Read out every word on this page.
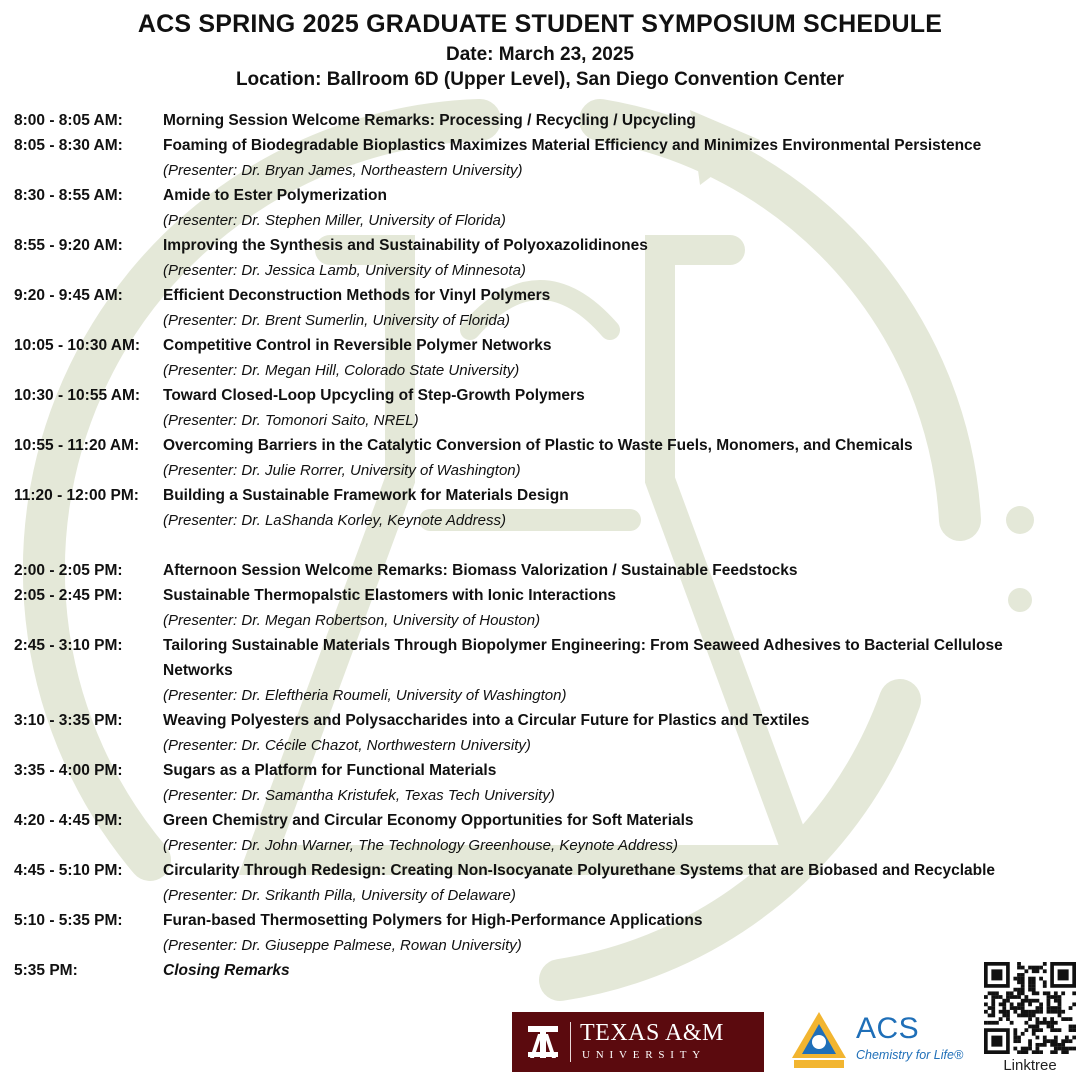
ACS SPRING 2025 GRADUATE STUDENT SYMPOSIUM SCHEDULE
Date: March 23, 2025
Location: Ballroom 6D (Upper Level), San Diego Convention Center
8:00 - 8:05 AM:	Morning Session Welcome Remarks: Processing / Recycling / Upcycling
8:05 - 8:30 AM:	Foaming of Biodegradable Bioplastics Maximizes Material Efficiency and Minimizes Environmental Persistence
(Presenter: Dr. Bryan James, Northeastern University)
8:30 - 8:55 AM:	Amide to Ester Polymerization
(Presenter: Dr. Stephen Miller, University of Florida)
8:55 - 9:20 AM:	Improving the Synthesis and Sustainability of Polyoxazolidinones
(Presenter: Dr. Jessica Lamb, University of Minnesota)
9:20 - 9:45 AM:	Efficient Deconstruction Methods for Vinyl Polymers
(Presenter: Dr. Brent Sumerlin, University of Florida)
10:05 - 10:30 AM:	Competitive Control in Reversible Polymer Networks
(Presenter: Dr. Megan Hill, Colorado State University)
10:30 - 10:55 AM:	Toward Closed-Loop Upcycling of Step-Growth Polymers
(Presenter: Dr. Tomonori Saito, NREL)
10:55 - 11:20 AM:	Overcoming Barriers in the Catalytic Conversion of Plastic to Waste Fuels, Monomers, and Chemicals
(Presenter: Dr. Julie Rorrer, University of Washington)
11:20 - 12:00 PM:	Building a Sustainable Framework for Materials Design
(Presenter: Dr. LaShanda Korley, Keynote Address)
2:00 - 2:05 PM:	Afternoon Session Welcome Remarks: Biomass Valorization / Sustainable Feedstocks
2:05 - 2:45 PM:	Sustainable Thermopalstic Elastomers with Ionic Interactions
(Presenter: Dr. Megan Robertson, University of Houston)
2:45 - 3:10 PM:	Tailoring Sustainable Materials Through Biopolymer Engineering: From Seaweed Adhesives to Bacterial Cellulose Networks
(Presenter: Dr. Eleftheria Roumeli, University of Washington)
3:10 - 3:35 PM:	Weaving Polyesters and Polysaccharides into a Circular Future for Plastics and Textiles
(Presenter: Dr. Cécile Chazot, Northwestern University)
3:35 - 4:00 PM:	Sugars as a Platform for Functional Materials
(Presenter: Dr. Samantha Kristufek, Texas Tech University)
4:20 - 4:45 PM:	Green Chemistry and Circular Economy Opportunities for Soft Materials
(Presenter: Dr. John Warner, The Technology Greenhouse, Keynote Address)
4:45 - 5:10 PM:	Circularity Through Redesign: Creating Non-Isocyanate Polyurethane Systems that are Biobased and Recyclable
(Presenter: Dr. Srikanth Pilla, University of Delaware)
5:10 - 5:35 PM:	Furan-based Thermosetting Polymers for High-Performance Applications
(Presenter: Dr. Giuseppe Palmese, Rowan University)
5:35 PM:	Closing Remarks
TEXAS A&M
UNIVERSITY
ACS
Chemistry for Life®
Linktree
